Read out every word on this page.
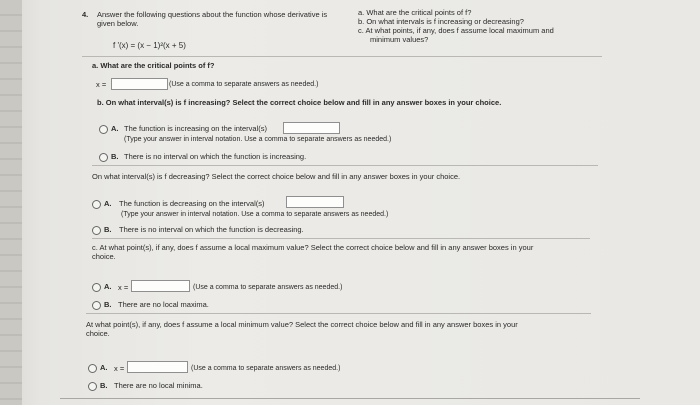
4. Answer the following questions about the function whose derivative is
given below.
f '(x) = (x − 1)²(x + 5)
a. What are the critical points of f?
b. On what intervals is f increasing or decreasing?
c. At what points, if any, does f assume local maximum and
minimum values?
a. What are the critical points of f?
x =	(Use a comma to separate answers as needed.)
b. On what interval(s) is f increasing? Select the correct choice below and fill in any answer boxes in your choice.
A. The function is increasing on the interval(s)
(Type your answer in interval notation. Use a comma to separate answers as needed.)
B. There is no interval on which the function is increasing.
On what interval(s) is f decreasing? Select the correct choice below and fill in any answer boxes in your choice.
A. The function is decreasing on the interval(s)
(Type your answer in interval notation. Use a comma to separate answers as needed.)
B. There is no interval on which the function is decreasing.
c. At what point(s), if any, does f assume a local maximum value? Select the correct choice below and fill in any answer boxes in your
choice.
A. x =	(Use a comma to separate answers as needed.)
B. There are no local maxima.
At what point(s), if any, does f assume a local minimum value? Select the correct choice below and fill in any answer boxes in your
choice.
A. x =	(Use a comma to separate answers as needed.)
B. There are no local minima.
